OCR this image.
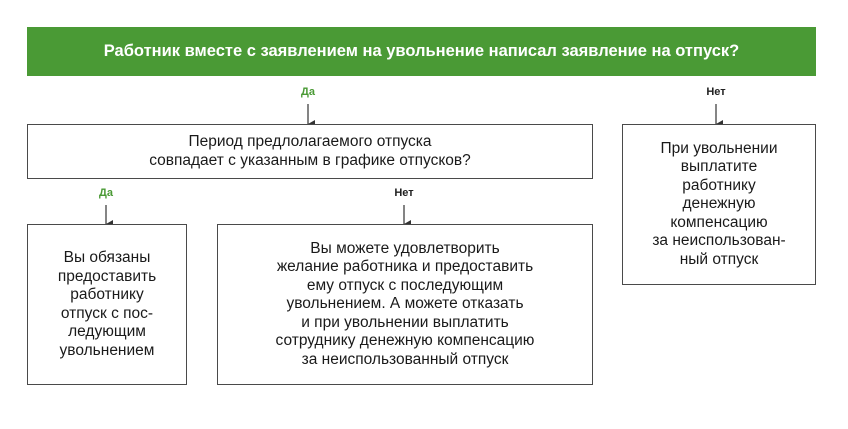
Работник вместе с заявлением на увольнение написал заявление на отпуск?
Да	Нет
Период предлолагаемого отпуска
совпадает с указанным в графике отпусков?
При увольнении
выплатите
работнику
денежную
компенсацию
за неиспользован-
ный отпуск
Да	Нет
Вы обязаны
предоставить
работнику
отпуск с пос-
ледующим
увольнением
Вы можете удовлетворить
желание работника и предоставить
ему отпуск с последующим
увольнением. А можете отказать
и при увольнении выплатить
сотруднику денежную компенсацию
за неиспользованный отпуск
